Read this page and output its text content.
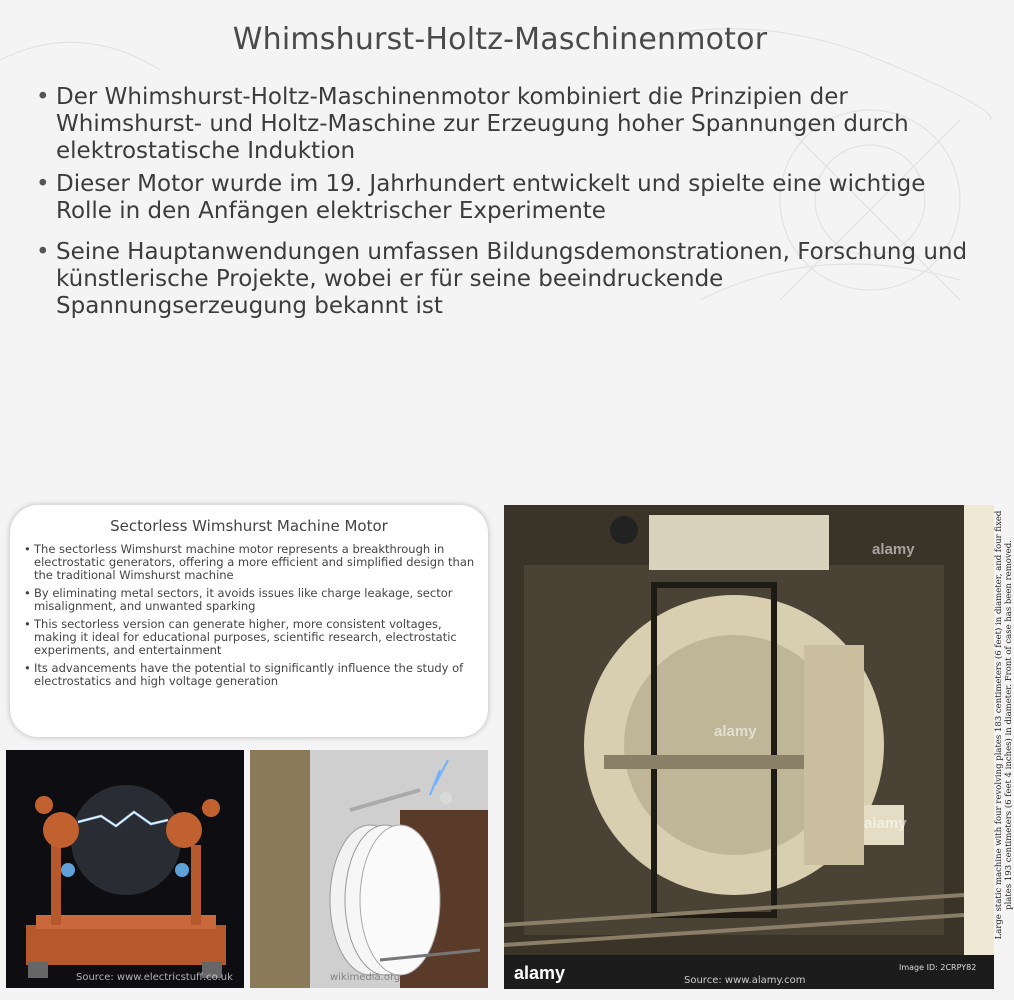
Whimshurst-Holtz-Maschinenmotor
• Der Whimshurst-Holtz-Maschinenmotor kombiniert die Prinzipien der Whimshurst- und Holtz-Maschine zur Erzeugung hoher Spannungen durch elektrostatische Induktion
• Dieser Motor wurde im 19. Jahrhundert entwickelt und spielte eine wichtige Rolle in den Anfängen elektrischer Experimente
• Seine Hauptanwendungen umfassen Bildungsdemonstrationen, Forschung und künstlerische Projekte, wobei er für seine beeindruckende Spannungserzeugung bekannt ist
Sectorless Wimshurst Machine Motor
• The sectorless Wimshurst machine motor represents a breakthrough in electrostatic generators, offering a more efficient and simplified design than the traditional Wimshurst machine
• By eliminating metal sectors, it avoids issues like charge leakage, sector misalignment, and unwanted sparking
• This sectorless version can generate higher, more consistent voltages, making it ideal for educational purposes, scientific research, electrostatic experiments, and entertainment
• Its advancements have the potential to significantly influence the study of electrostatics and high voltage generation
Source: www.electricstuff.co.uk	wikimedia.org
alamy
alamy
alamy	Large static machine with four revolving plates 183 centimeters (6 feet) in diameter, and four fixed plates 193 centimeters (6 feet 4 inches) in diameter. Front of case has been removed.
alamy	Source: www.alamy.com
Image ID: 2CRPY82
